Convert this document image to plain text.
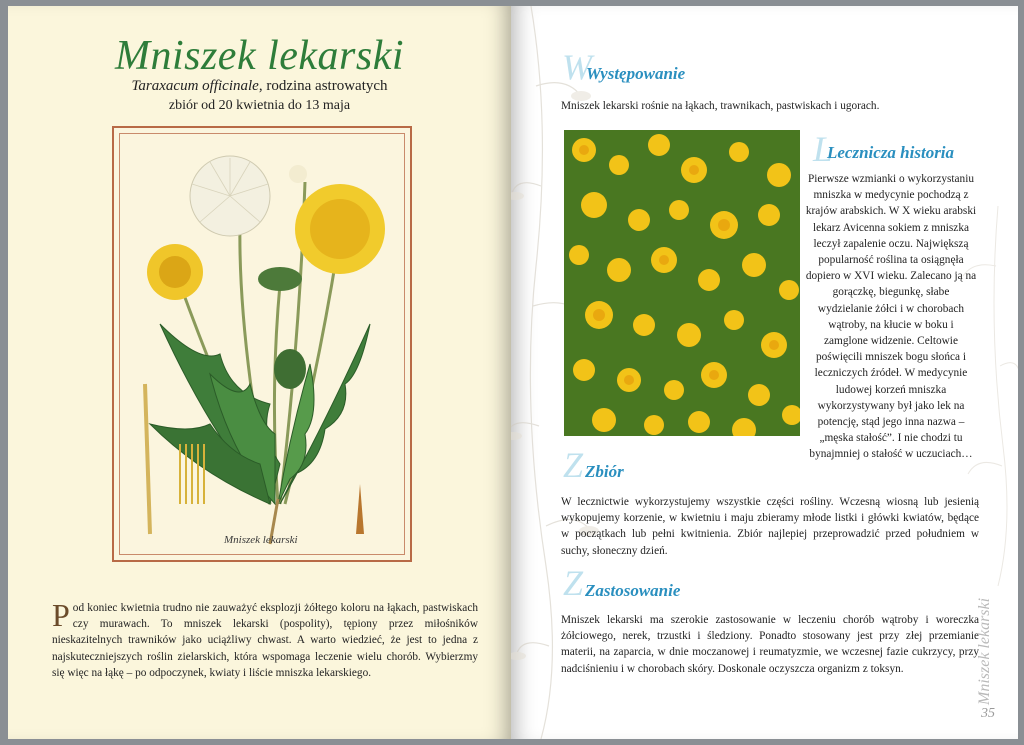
Mniszek lekarski
Taraxacum officinale, rodzina astrowatych
zbiór od 20 kwietnia do 13 maja
Mniszek lekarski
Pod koniec kwietnia trudno nie zauważyć eksplozji żółtego koloru na łąkach, pastwiskach czy murawach. To mniszek lekarski (pospolity), tępiony przez miłośników nieskazitelnych trawników jako uciążliwy chwast. A warto wiedzieć, że jest to jedna z najskuteczniejszych roślin zielarskich, która wspomaga leczenie wielu chorób. Wybierzmy się więc na łąkę – po odpoczynek, kwiaty i liście mniszka lekarskiego.
W
Występowanie
Mniszek lekarski rośnie na łąkach, trawnikach, pastwiskach i ugorach.
L
Lecznicza historia
Pierwsze wzmianki o wykorzystaniu mniszka w medycynie pochodzą z krajów arabskich. W X wieku arabski lekarz Avicenna sokiem z mniszka leczył zapalenie oczu. Największą popularność roślina ta osiągnęła dopiero w XVI wieku. Zalecano ją na gorączkę, biegunkę, słabe wydzielanie żółci i w chorobach wątroby, na kłucie w boku i zamglone widzenie. Celtowie poświęcili mniszek bogu słońca i leczniczych źródeł. W medycynie ludowej korzeń mniszka wykorzystywany był jako lek na potencję, stąd jego inna nazwa – „męska stałość”. I nie chodzi tu bynajmniej o stałość w uczuciach…
Z Zbiór
W lecznictwie wykorzystujemy wszystkie części rośliny. Wczesną wiosną lub jesienią wykopujemy korzenie, w kwietniu i maju zbieramy młode listki i główki kwiatów, będące w początkach lub pełni kwitnienia. Zbiór najlepiej przeprowadzić przed południem w suchy, słoneczny dzień.
Z Zastosowanie
Mniszek lekarski ma szerokie zastosowanie w leczeniu chorób wątroby i woreczka żółciowego, nerek, trzustki i śledziony. Ponadto stosowany jest przy złej przemianie materii, na zaparcia, w dnie moczanowej i reumatyzmie, we wczesnej fazie cukrzycy, przy nadciśnieniu i w chorobach skóry. Doskonale oczyszcza organizm z toksyn.	Mniszek lekarski
35
